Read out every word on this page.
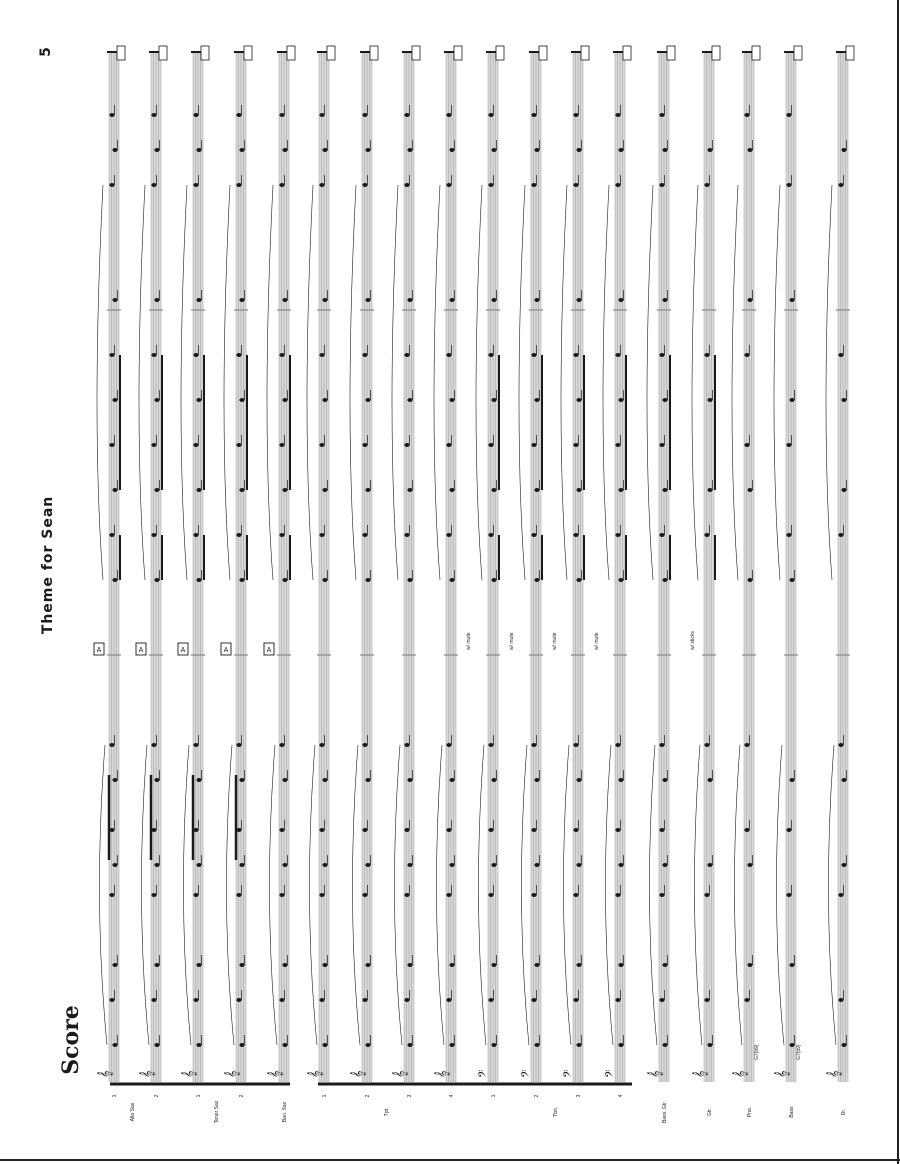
5
Theme for Sean
Score 𝄞 𝄞 𝄞 𝄞 𝄞 𝄞 𝄞 𝄞 𝄞 𝄢 𝄢 𝄢 𝄢 𝄞 𝄞 𝄞 𝄞	𝄞
Alto Sax
1	2
Tenor Sax
1	2
Bari. Sax	Tpt.
1	2	3	4
Tbn.
1	2	3	4
Bass. Gtr.	Gtr.	Pno.	Bass	Dr.
A	A	A	A	A
w/ mute	w/ mute	w/ mute	w/ mute	w/ sticks
G7(b9)	G7(b9)
